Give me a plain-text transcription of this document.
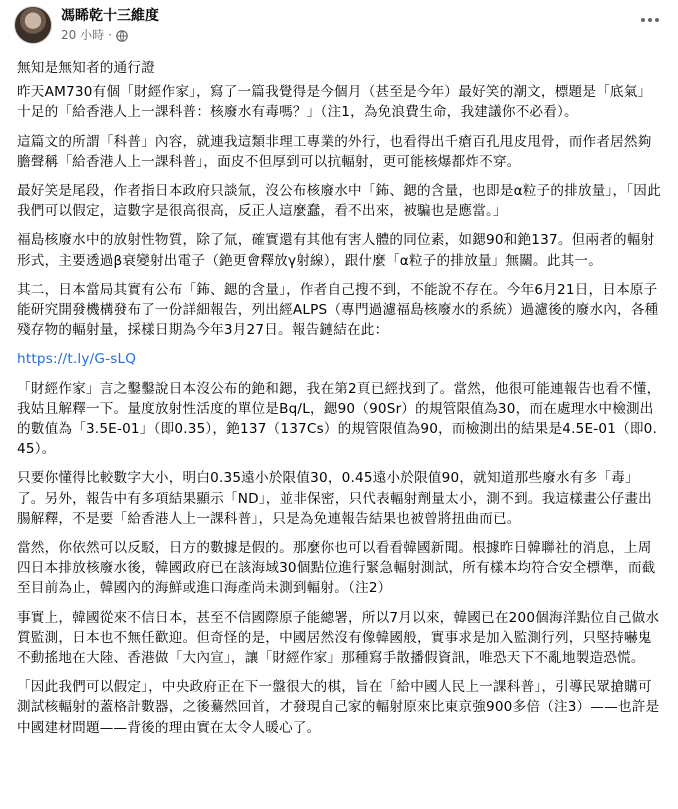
馮睎乾十三維度
20 小時 ·

無知是無知者的通行證

昨天AM730有個「財經作家」，寫了一篇我覺得是今個月（甚至是今年）最好笑的潮文，標題是「底氣」十足的「給香港人上一課科普：核廢水有毒嗎？」（注1，為免浪費生命，我建議你不必看）。

這篇文的所謂「科普」內容，就連我這類非理工專業的外行，也看得出千瘡百孔甩皮甩骨，而作者居然夠膽聲稱「給香港人上一課科普」，面皮不但厚到可以抗輻射，更可能核爆都炸不穿。

最好笑是尾段，作者指日本政府只談氚，沒公布核廢水中「鈽、鍶的含量，也即是α粒子的排放量」，「因此我們可以假定，這數字是很高很高，反正人這麼蠢，看不出來，被騙也是應當。」

福島核廢水中的放射性物質，除了氚，確實還有其他有害人體的同位素，如鍶90和銫137。但兩者的輻射形式，主要透過β衰變射出電子（銫更會釋放γ射線），跟什麼「α粒子的排放量」無關。此其一。

其二，日本當局其實有公布「鈽、鍶的含量」，作者自己搜不到，不能說不存在。今年6月21日，日本原子能研究開發機構發布了一份詳細報告，列出經ALPS（專門過濾福島核廢水的系統）過濾後的廢水內，各種殘存物的輻射量，採樣日期為今年3月27日。報告鏈結在此：

https://t.ly/G-sLQ

「財經作家」言之鑿鑿說日本沒公布的銫和鍶，我在第2頁已經找到了。當然，他很可能連報告也看不懂，我姑且解釋一下。量度放射性活度的單位是Bq/L，鍶90（90Sr）的規管限值為30，而在處理水中檢測出的數值為「3.5E-01」（即0.35），銫137（137Cs）的規管限值為90，而檢測出的結果是4.5E-01（即0.45）。

只要你懂得比較數字大小，明白0.35遠小於限值30，0.45遠小於限值90，就知道那些廢水有多「毒」了。另外，報告中有多項結果顯示「ND」，並非保密，只代表輻射劑量太小，測不到。我這樣畫公仔畫出腸解釋，不是要「給香港人上一課科普」，只是為免連報告結果也被曾將扭曲而已。

當然，你依然可以反駁，日方的數據是假的。那麼你也可以看看韓國新聞。根據昨日韓聯社的消息，上周四日本排放核廢水後，韓國政府已在該海域30個點位進行緊急輻射測試，所有樣本均符合安全標準，而截至目前為止，韓國內的海鮮或進口海產尚未測到輻射。（注2）

事實上，韓國從來不信日本，甚至不信國際原子能總署，所以7月以來，韓國已在200個海洋點位自己做水質監測，日本也不無任歡迎。但奇怪的是，中國居然沒有像韓國般，實事求是加入監測行列，只堅持嚇鬼不動搖地在大陸、香港做「大內宣」，讓「財經作家」那種寫手散播假資訊，唯恐天下不亂地製造恐慌。

「因此我們可以假定」，中央政府正在下一盤很大的棋，旨在「給中國人民上一課科普」，引導民眾搶購可測試核輻射的蓋格計數器，之後驀然回首，才發現自己家的輻射原來比東京強900多倍（注3）——也許是中國建材問題——背後的理由實在太令人暖心了。
